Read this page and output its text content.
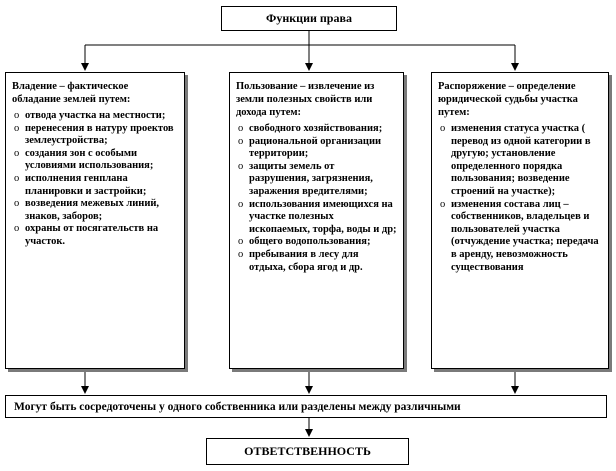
Функции права

Владение – фактическое обладание землей путем:

o отвода участка на местности;
o перенесения в натуру проектов землеустройства;
o создания зон с особыми условиями использования;
o исполнения генплана планировки и застройки;
o возведения межевых линий, знаков, заборов;
o охраны от посягательств на участок.

Пользование – извлечение из земли полезных свойств или дохода путем:

o свободного хозяйствования;
o рациональной организации территории;
o защиты земель от разрушения, загрязнения, заражения вредителями;
o использования имеющихся на участке полезных ископаемых, торфа, воды и др;
o общего водопользования;
o пребывания в лесу для отдыха, сбора ягод и др.

Распоряжение – определение юридической судьбы участка путем:

o изменения статуса участка ( перевод из одной категории в другую; установление определенного порядка пользования; возведение строений на участке);
o изменения состава лиц – собственников, владельцев и пользователей участка (отчуждение участка; передача в аренду, невозможность существования
Могут быть сосредоточены у одного собственника или разделены между различными
ОТВЕТСТВЕННОСТЬ
